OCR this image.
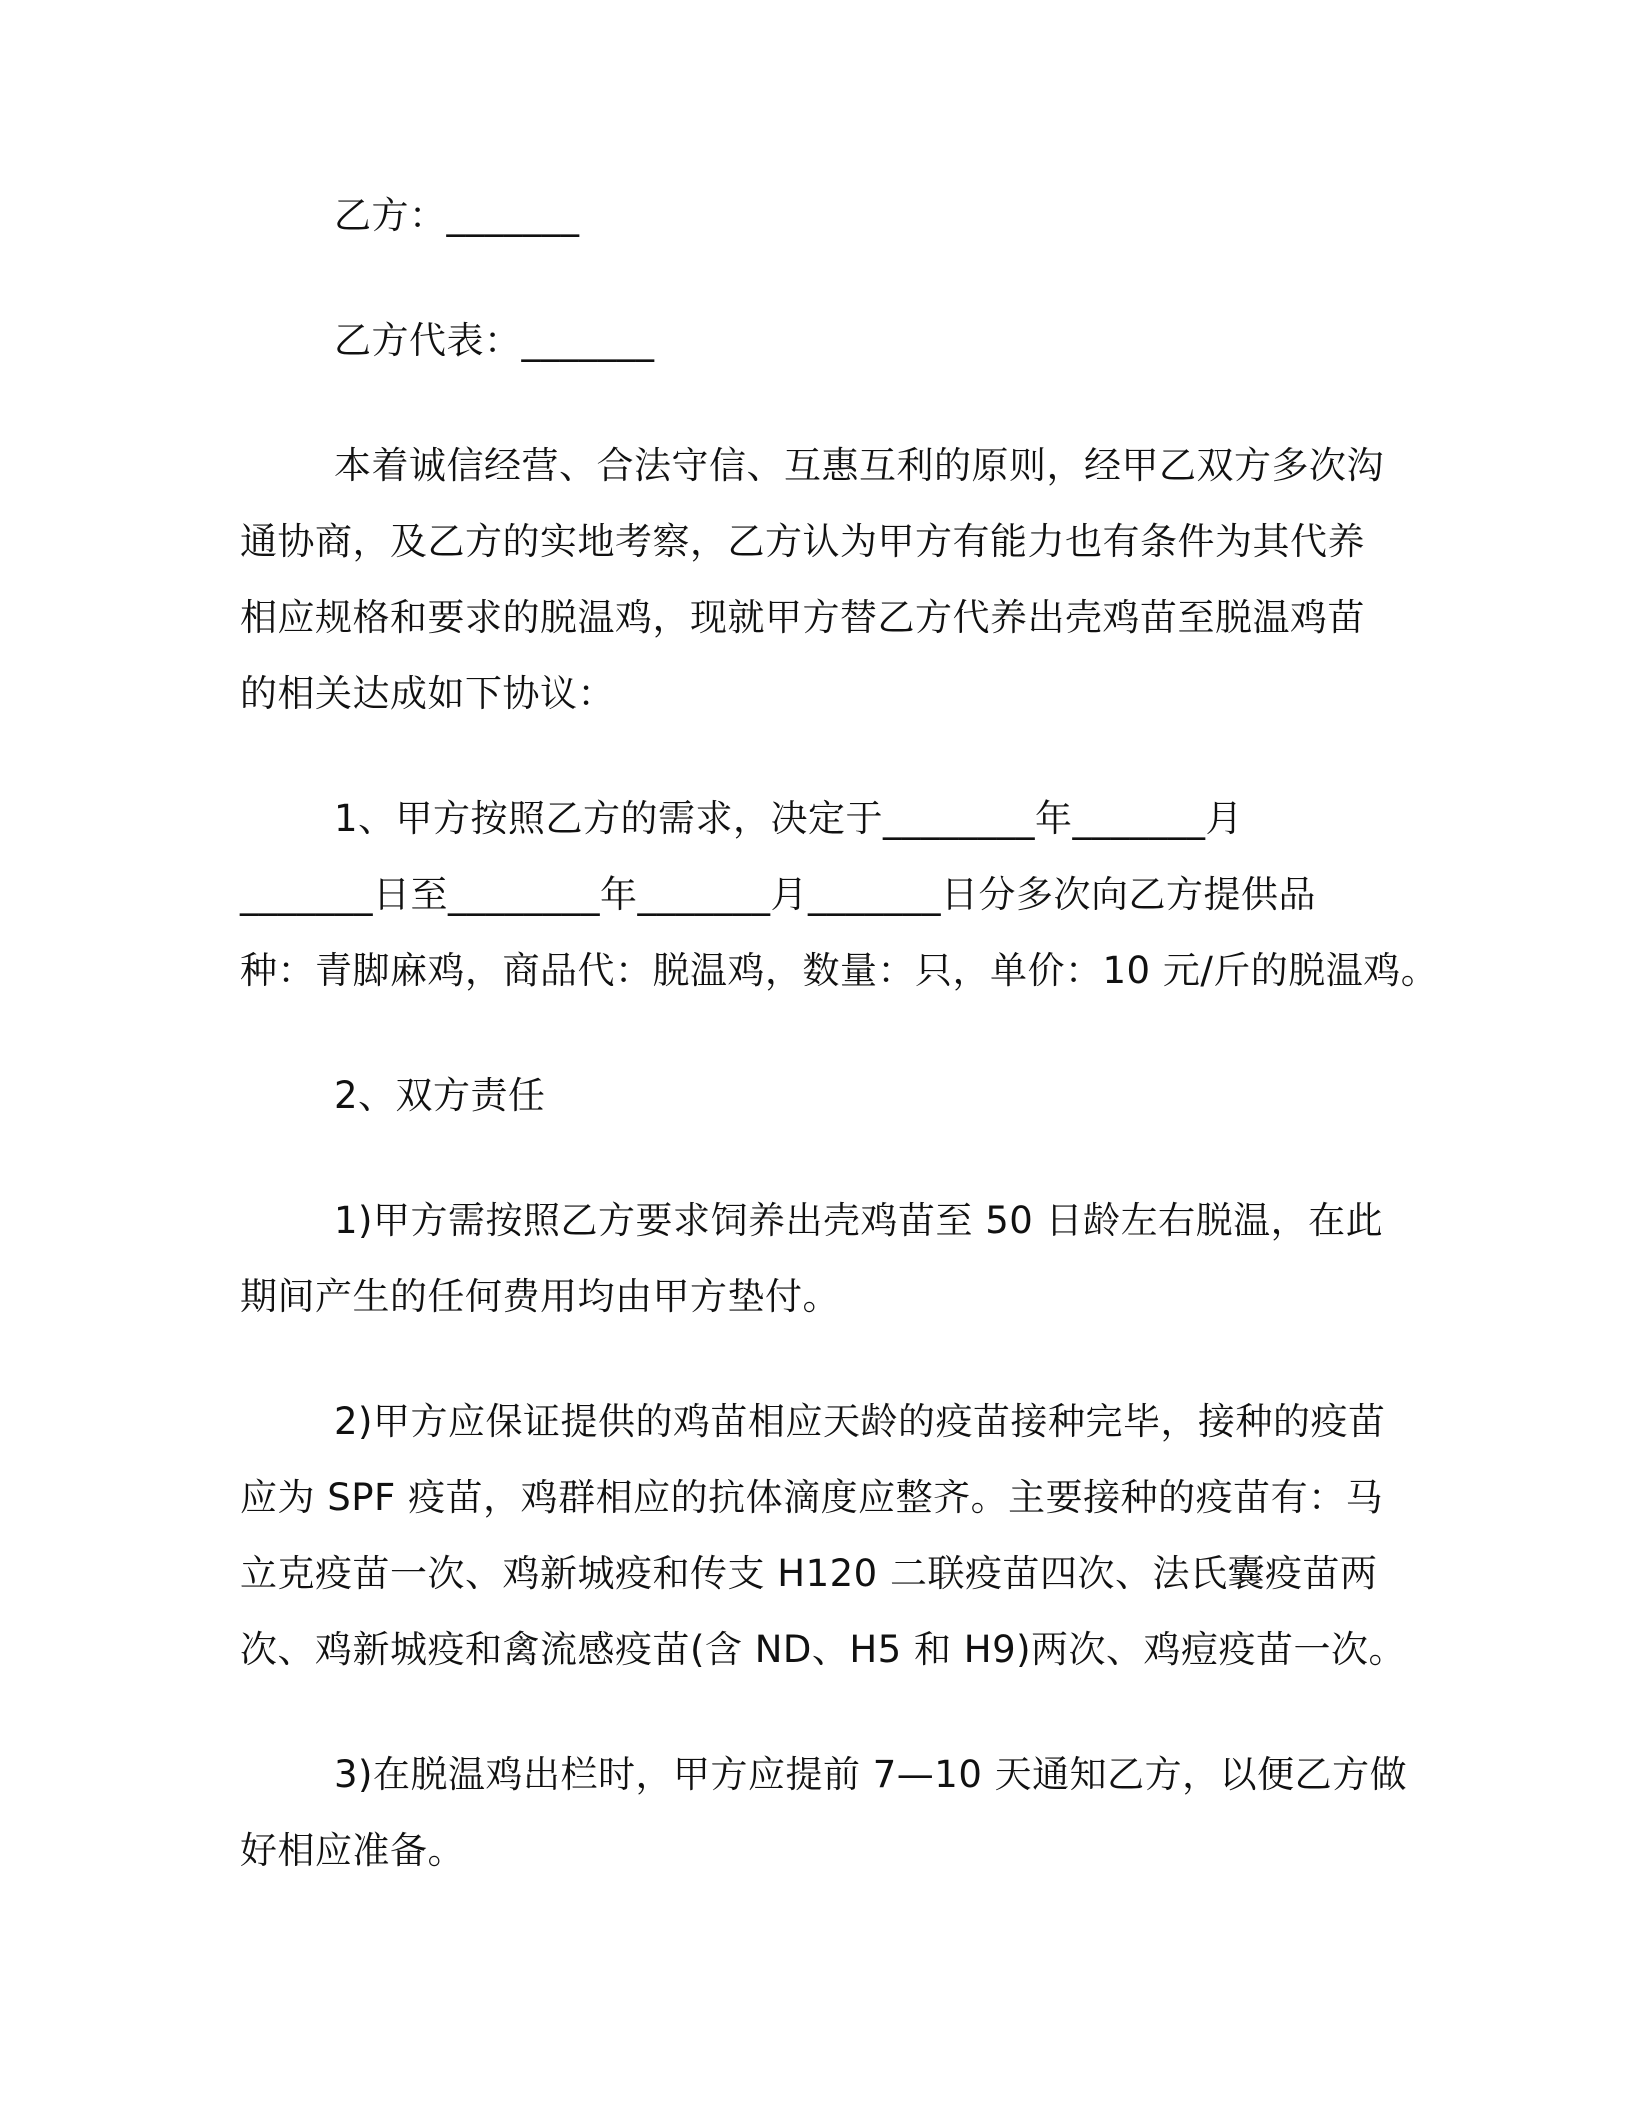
乙方：_______

乙方代表：_______

本着诚信经营、合法守信、互惠互利的原则，经甲乙双方多次沟
通协商，及乙方的实地考察，乙方认为甲方有能力也有条件为其代养
相应规格和要求的脱温鸡，现就甲方替乙方代养出壳鸡苗至脱温鸡苗
的相关达成如下协议：
1、甲方按照乙方的需求，决定于________年_______月
_______日至________年_______月_______日分多次向乙方提供品
种：青脚麻鸡，商品代：脱温鸡，数量：只，单价：10 元/斤的脱温鸡。

2、双方责任

1)甲方需按照乙方要求饲养出壳鸡苗至 50 日龄左右脱温，在此
期间产生的任何费用均由甲方垫付。
2)甲方应保证提供的鸡苗相应天龄的疫苗接种完毕，接种的疫苗
应为 SPF 疫苗，鸡群相应的抗体滴度应整齐。主要接种的疫苗有：马
立克疫苗一次、鸡新城疫和传支 H120 二联疫苗四次、法氏囊疫苗两
次、鸡新城疫和禽流感疫苗(含 ND、H5 和 H9)两次、鸡痘疫苗一次。
3)在脱温鸡出栏时，甲方应提前 7—10 天通知乙方，以便乙方做
好相应准备。
